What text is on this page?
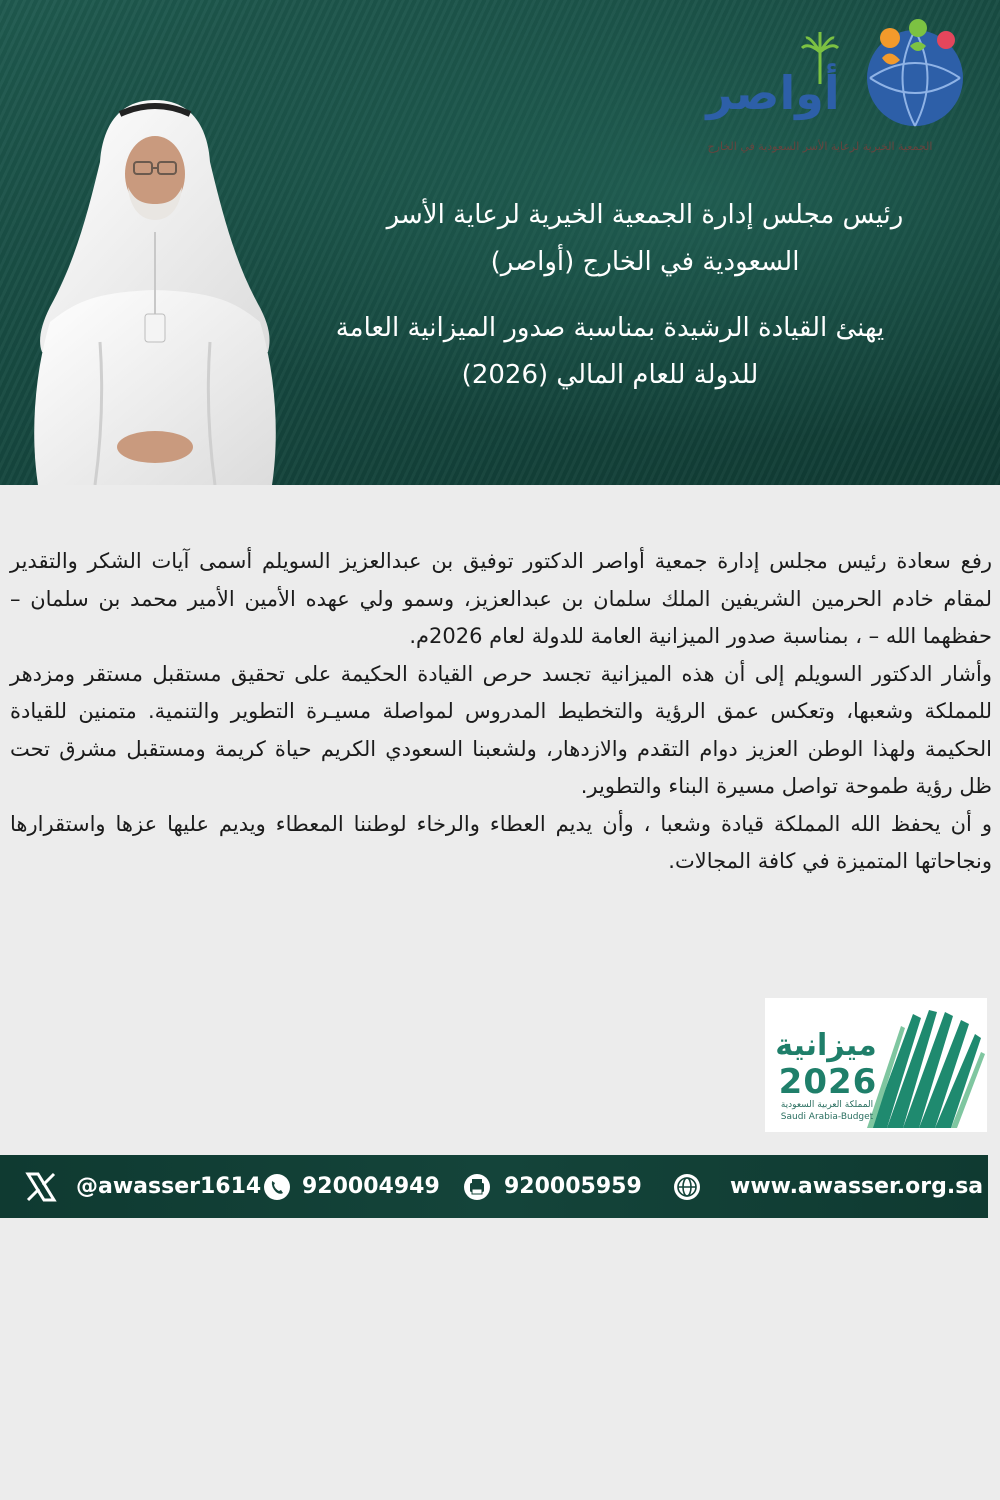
أواصر
الجمعية الخيرية لرعاية الأسر السعودية في الخارج

رئيس مجلس إدارة الجمعية الخيرية لرعاية الأسر السعودية في الخارج (أواصر)

يهنئ القيادة الرشيدة بمناسبة صدور الميزانية العامة للدولة للعام المالي (2026)

رفع سعادة رئيس مجلس إدارة جمعية أواصر الدكتور توفيق بن عبدالعزيز السويلم أسمى آيات الشكر والتقدير لمقام خادم الحرمين الشريفين الملك سلمان بن عبدالعزيز، وسمو ولي عهده الأمين الأمير محمد بن سلمان – حفظهما الله – ، بمناسبة صدور الميزانية العامة للدولة لعام 2026م.

وأشار الدكتور السويلم إلى أن هذه الميزانية تجسد حرص القيادة الحكيمة على تحقيق مستقبل مستقر ومزدهر للمملكة وشعبها، وتعكس عمق الرؤية والتخطيط المدروس لمواصلة مسيـرة التطوير والتنمية. متمنين للقيادة الحكيمة ولهذا الوطن العزيز دوام التقدم والازدهار، ولشعبنا السعودي الكريم حياة كريمة ومستقبل مشرق تحت ظل رؤية طموحة تواصل مسيرة البناء والتطوير.

و أن يحفظ الله المملكة قيادة وشعبا ، وأن يديم العطاء والرخاء لوطننا المعطاء ويديم عليها عزها واستقرارها ونجاحاتها المتميزة في كافة المجالات.

ميزانية
2026
المملكة العربية السعودية
Saudi Arabia-Budget
@awasser1614 920004949	920005959	www.awasser.org.sa
